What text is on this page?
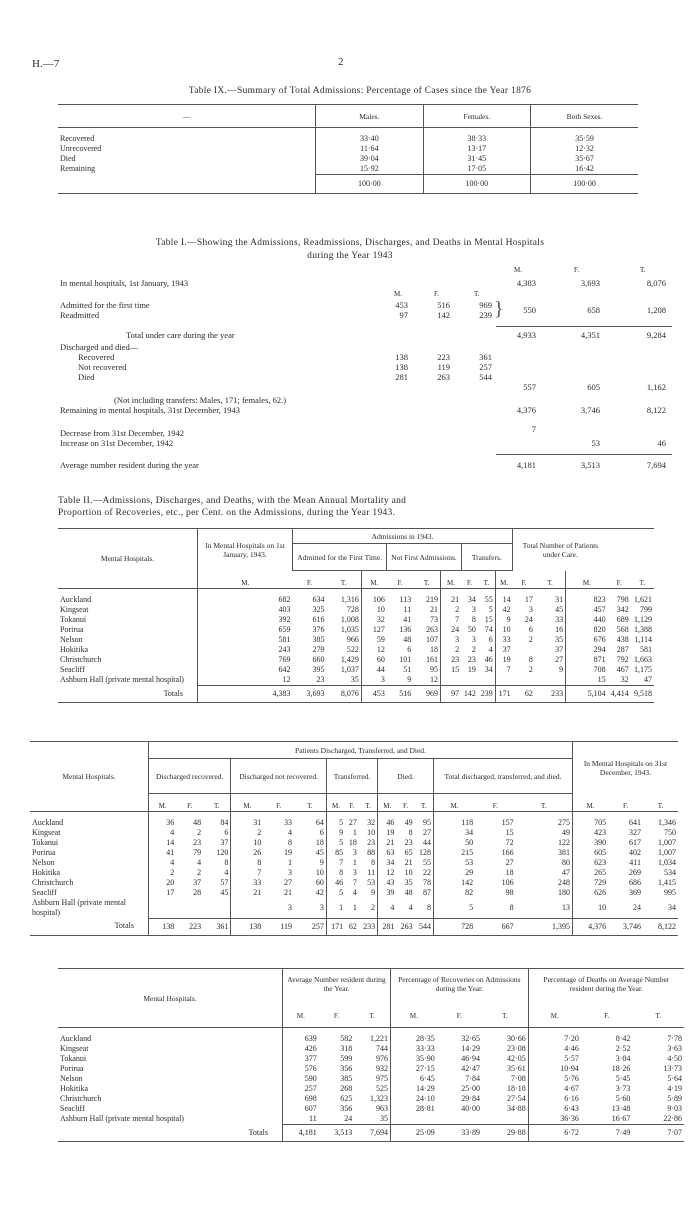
H.—7	2
Table IX.—Summary of Total Admissions: Percentage of Cases since the Year 1876
—	Males.	Females.	Both Sexes.
Recovered	33·40	38·33	35·59
Unrecovered	11·64	13·17	12·32
Died	39·04	31·45	35·67
Remaining	15·92	17·05	16·42
	100·00	100·00	100·00
Table I.—Showing the Admissions, Readmissions, Discharges, and Deaths in Mental Hospitals
during the Year 1943
M.	F.	T.
In mental hospitals, 1st January, 1943	4,383	3,693	8,076
M.	F.	T.
Admitted for the first time	453	516	969
Readmitted	97	142	239 } 550	658	1,208
Total under care during the year	4,933	4,351	9,284
Discharged and died—
Recovered	138	223	361
Not recovered	138	119	257
Died	281	263	544
557	605	1,162
(Not including transfers: Males, 171; females, 62.)
Remaining in mental hospitals, 31st December, 1943	4,376	3,746	8,122
Decrease from 31st December, 1942	7
Increase on 31st December, 1942	53	46
Average number resident during the year	4,181	3,513	7,694
Table II.—Admissions, Discharges, and Deaths, with the Mean Annual Mortality and
Proportion of Recoveries, etc., per Cent. on the Admissions, during the Year 1943.
Mental Hospitals.	In Mental Hospitals on 1st January, 1943.	Admissions in 1943.									Total Number of Patients under Care.				
		Admitted for the First Time.			Not First Admissions.			Transfers.							
	M.	F.	T.	M.	F.	T.	M.	F.	T.	M.	F.	T.	M.	F.	T.
Auckland	682	634	1,316	106	113	219	21	34	55	14	17	31	823	798	1,621
Kingseat	403	325	728	10	11	21	2	3	5	42	3	45	457	342	799
Tokanui	392	616	1,008	32	41	73	7	8	15	9	24	33	440	689	1,129
Porirua	659	376	1,035	127	136	263	24	50	74	10	6	16	820	568	1,388
Nelson	581	385	966	59	48	107	3	3	6	33	2	35	676	438	1,114
Hokitika	243	279	522	12	6	18	2	2	4	37		37	294	287	581
Christchurch	769	660	1,429	60	101	161	23	23	46	19	8	27	871	792	1,663
Seacliff	642	395	1,037	44	51	95	15	19	34	7	2	9	708	467	1,175
Ashburn Hall (private mental hospital)	12	23	35	3	9	12							15	32	47
Totals	4,383	3,693	8,076	453	516	969	97	142	239	171	62	233	5,104	4,414	9,518
Mental Hospitals.	Patients Discharged, Transferred, and Died.															In Mental Hospitals on 31st December, 1943.		
	Discharged recovered.			Discharged not recovered.			Transferred.			Died.			Total discharged, transferred, and died.					
	M.	F.	T.	M.	F.	T.	M.	F.	T.	M.	F.	T.	M.	F.	T.	M.	F.	T.
Auckland	36	48	84	31	33	64	5	27	32	46	49	95	118	157	275	705	641	1,346
Kingseat	4	2	6	2	4	6	9	1	10	19	8	27	34	15	49	423	327	750
Tokanui	14	23	37	10	8	18	5	18	23	21	23	44	50	72	122	390	617	1,007
Porirua	41	79	120	26	19	45	85	3	88	63	65	128	215	166	381	605	402	1,007
Nelson	4	4	8	8	1	9	7	1	8	34	21	55	53	27	80	623	411	1,034
Hokitika	2	2	4	7	3	10	8	3	11	12	10	22	29	18	47	265	269	534
Christchurch	20	37	57	33	27	60	46	7	53	43	35	78	142	106	248	729	686	1,415
Seacliff	17	28	45	21	21	42	5	4	9	39	48	87	82	98	180	626	369	995
Ashburn Hall (private mental hospital)					3	3	1	1	2	4	4	8	5	8	13	10	24	34
Totals	138	223	361	138	119	257	171	62	233	281	263	544	728	667	1,395	4,376	3,746	8,122
Mental Hospitals.	Average Number resident during the Year.			Percentage of Recoveries on Admissions during the Year.			Percentage of Deaths on Average Number resident during the Year.		
	M.	F.	T.	M.	F.	T.	M.	F.	T.
Auckland	639	582	1,221	28·35	32·65	30·66	7·20	8·42	7·78
Kingseat	426	318	744	33·33	14·29	23·08	4·46	2·52	3·63
Tokanui	377	599	976	35·90	46·94	42·05	5·57	3·84	4·50
Porirua	576	356	932	27·15	42·47	35·61	10·94	18·26	13·73
Nelson	590	385	975	6·45	7·84	7·08	5·76	5·45	5·64
Hokitika	257	268	525	14·29	25·00	18·18	4·67	3·73	4·19
Christchurch	698	625	1,323	24·10	29·84	27·54	6·16	5·60	5·89
Seacliff	607	356	963	28·81	40·00	34·88	6·43	13·48	9·03
Ashburn Hall (private mental hospital)	11	24	35				36·36	16·67	22·86
Totals	4,181	3,513	7,694	25·09	33·89	29·88	6·72	7·49	7·07
